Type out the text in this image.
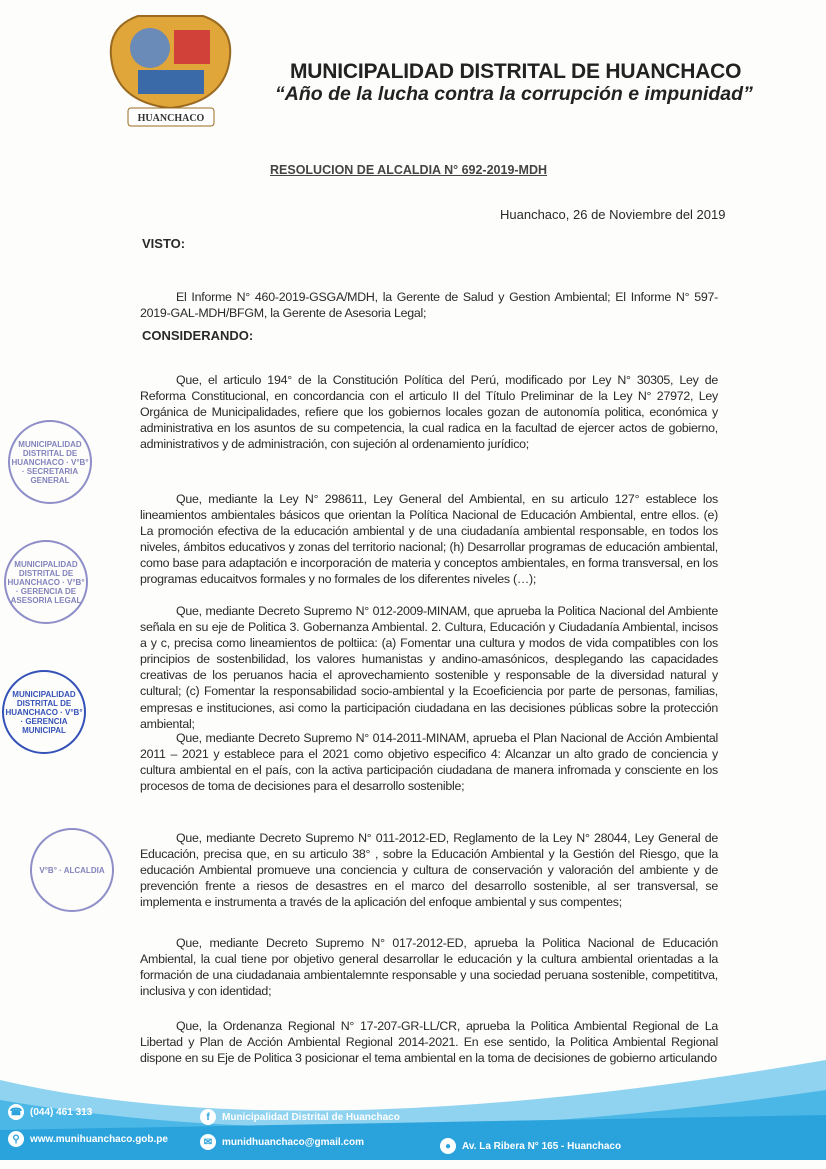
HUANCHACO
MUNICIPALIDAD DISTRITAL DE HUANCHACO
“Año de la lucha contra la corrupción e impunidad”
RESOLUCION DE ALCALDIA N° 692-2019-MDH
Huanchaco, 26 de Noviembre del 2019
VISTO:
El Informe N° 460-2019-GSGA/MDH, la Gerente de Salud y Gestion Ambiental; El Informe N° 597-2019-GAL-MDH/BFGM, la Gerente de Asesoria Legal;
CONSIDERANDO:
Que, el articulo 194° de la Constitución Política del Perú, modificado por Ley N° 30305, Ley de Reforma Constitucional, en concordancia con el articulo II del Título Preliminar de la Ley N° 27972, Ley Orgánica de Municipalidades, refiere que los gobiernos locales gozan de autonomía politica, económica y administrativa en los asuntos de su competencia, la cual radica en la facultad de ejercer actos de gobierno, administrativos y de administración, con sujeción al ordenamiento jurídico;
Que, mediante la Ley N° 298611, Ley General del Ambiental, en su articulo 127° establece los lineamientos ambientales básicos que orientan la Política Nacional de Educación Ambiental, entre ellos. (e) La promoción efectiva de la educación ambiental y de una ciudadanía ambiental responsable, en todos los niveles, ámbitos educativos y zonas del territorio nacional; (h) Desarrollar programas de educación ambiental, como base para adaptación e incorporación de materia y conceptos ambientales, en forma transversal, en los programas educaitvos formales y no formales de los diferentes niveles (…);
Que, mediante Decreto Supremo N° 012-2009-MINAM, que aprueba la Politica Nacional del Ambiente señala en su eje de Politica 3. Gobernanza Ambiental. 2. Cultura, Educación y Ciudadanía Ambiental, incisos a y c, precisa como lineamientos de poltiica: (a) Fomentar una cultura y modos de vida compatibles con los principios de sostenbilidad, los valores humanistas y andino-amasónicos, desplegando las capacidades creativas de los peruanos hacia el aprovechamiento sostenible y responsable de la diversidad natural y cultural; (c) Fomentar la responsabilidad socio-ambiental y la Ecoeficiencia por parte de personas, familias, empresas e instituciones, asi como la participación ciudadana en las decisiones públicas sobre la protección ambiental;
Que, mediante Decreto Supremo N° 014-2011-MINAM, aprueba el Plan Nacional de Acción Ambiental 2011 – 2021 y establece para el 2021 como objetivo especifico 4: Alcanzar un alto grado de conciencia y cultura ambiental en el país, con la activa participación ciudadana de manera infromada y consciente en los procesos de toma de decisiones para el desarrollo sostenible;
Que, mediante Decreto Supremo N° 011-2012-ED, Reglamento de la Ley N° 28044, Ley General de Educación, precisa que, en su articulo 38° , sobre la Educación Ambiental y la Gestión del Riesgo, que la educación Ambiental promueve una conciencia y cultura de conservación y valoración del ambiente y de prevención frente a riesos de desastres en el marco del desarrollo sostenible, al ser transversal, se implementa e instrumenta a través de la aplicación del enfoque ambiental y sus compentes;
Que, mediante Decreto Supremo N° 017-2012-ED, aprueba la Politica Nacional de Educación Ambiental, la cual tiene por objetivo general desarrollar le educación y la cultura ambiental orientadas a la formación de una ciudadanaia ambientalemnte responsable y una sociedad peruana sostenible, competititva, inclusiva y con identidad;
Que, la Ordenanza Regional N° 17-207-GR-LL/CR, aprueba la Politica Ambiental Regional de La Libertad y Plan de Acción Ambiental Regional 2014-2021. En ese sentido, la Politica Ambiental Regional dispone en su Eje de Politica 3 posicionar el tema ambiental en la toma de decisiones de gobierno articulando
MUNICIPALIDAD DISTRITAL DE HUANCHACO · V°B° · SECRETARIA GENERAL
MUNICIPALIDAD DISTRITAL DE HUANCHACO · V°B° · GERENCIA DE ASESORIA LEGAL
MUNICIPALIDAD DISTRITAL DE HUANCHACO · V°B° · GERENCIA MUNICIPAL
V°B° · ALCALDIA
☎ (044) 461 313
⚲	www.munihuanchaco.gob.pe
f	Municipalidad Distrital de Huanchaco
✉ munidhuanchaco@gmail.com	●	Av. La Ribera N° 165 - Huanchaco
